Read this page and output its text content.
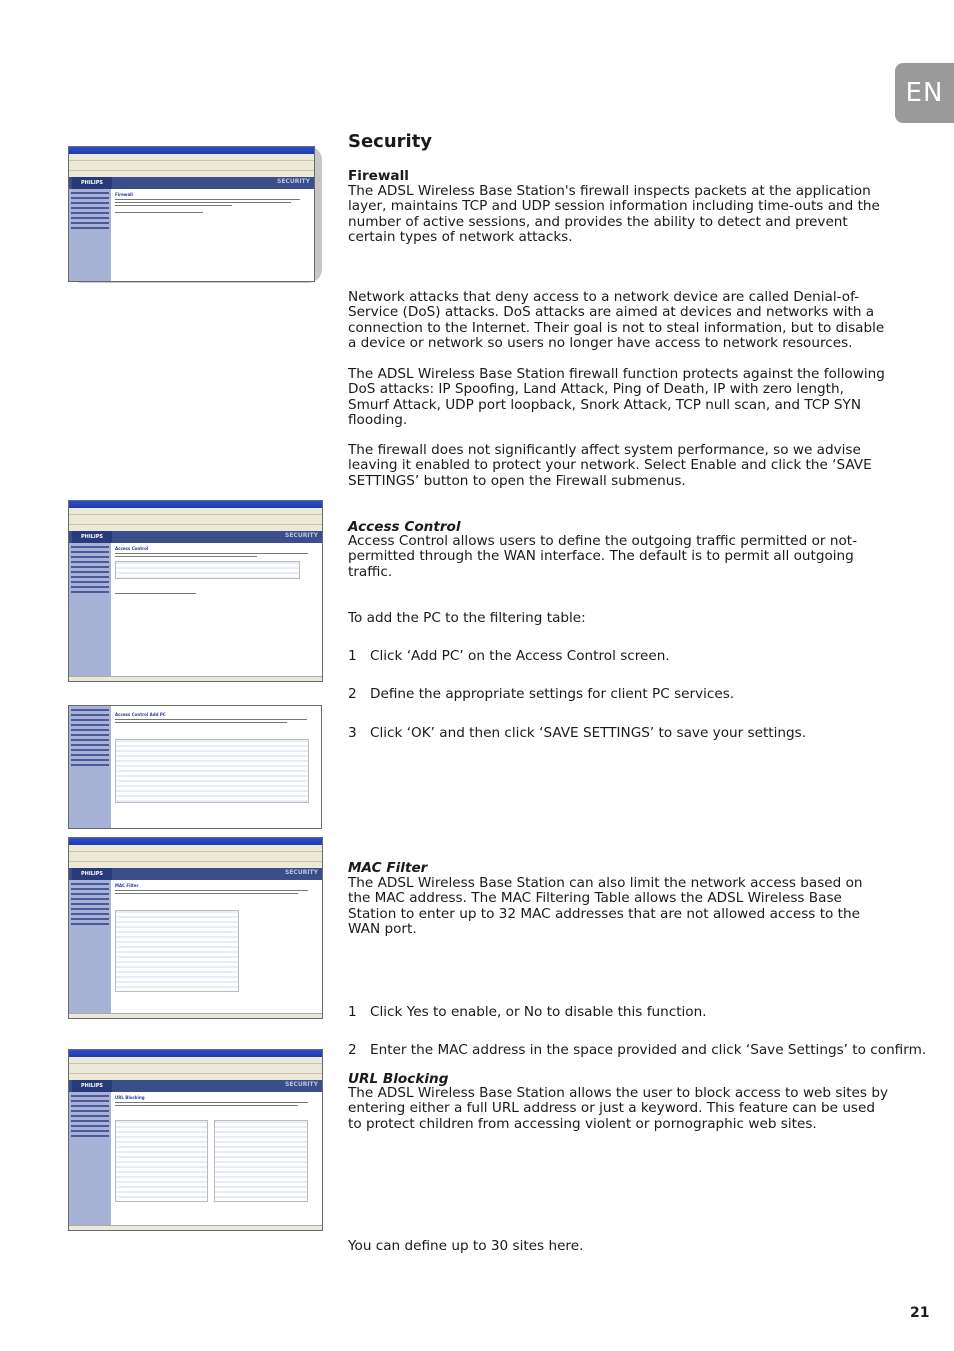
EN
PHILIPS	SECURITY
Firewall
PHILIPS	SECURITY
Access Control
Access Control Add PC
PHILIPS	SECURITY
MAC Filter
PHILIPS	SECURITY
URL Blocking
Security
Firewall

The ADSL Wireless Base Station's firewall inspects packets at the application layer, maintains TCP and UDP session information including time-outs and the number of active sessions, and provides the ability to detect and prevent certain types of network attacks.

Network attacks that deny access to a network device are called Denial-of-Service (DoS) attacks. DoS attacks are aimed at devices and networks with a connection to the Internet. Their goal is not to steal information, but to disable a device or network so users no longer have access to network resources.

The ADSL Wireless Base Station firewall function protects against the following DoS attacks: IP Spoofing, Land Attack, Ping of Death, IP with zero length, Smurf Attack, UDP port loopback, Snork Attack, TCP null scan, and TCP SYN flooding.

The firewall does not significantly affect system performance, so we advise leaving it enabled to protect your network. Select Enable and click the ‘SAVE SETTINGS’ button to open the Firewall submenus.

Access Control

Access Control allows users to define the outgoing traffic permitted or not-permitted through the WAN interface. The default is to permit all outgoing traffic.

To add the PC to the filtering table:

1 Click ‘Add PC’ on the Access Control screen.

2 Define the appropriate settings for client PC services.

3 Click ‘OK’ and then click ‘SAVE SETTINGS’ to save your settings.

MAC Filter

The ADSL Wireless Base Station can also limit the network access based on the MAC address. The MAC Filtering Table allows the ADSL Wireless Base Station to enter up to 32 MAC addresses that are not allowed access to the WAN port.

1 Click Yes to enable, or No to disable this function.

2 Enter the MAC address in the space provided and click ‘Save Settings’ to confirm.

URL Blocking

The ADSL Wireless Base Station allows the user to block access to web sites by entering either a full URL address or just a keyword. This feature can be used to protect children from accessing violent or pornographic web sites.

You can define up to 30 sites here.

21
